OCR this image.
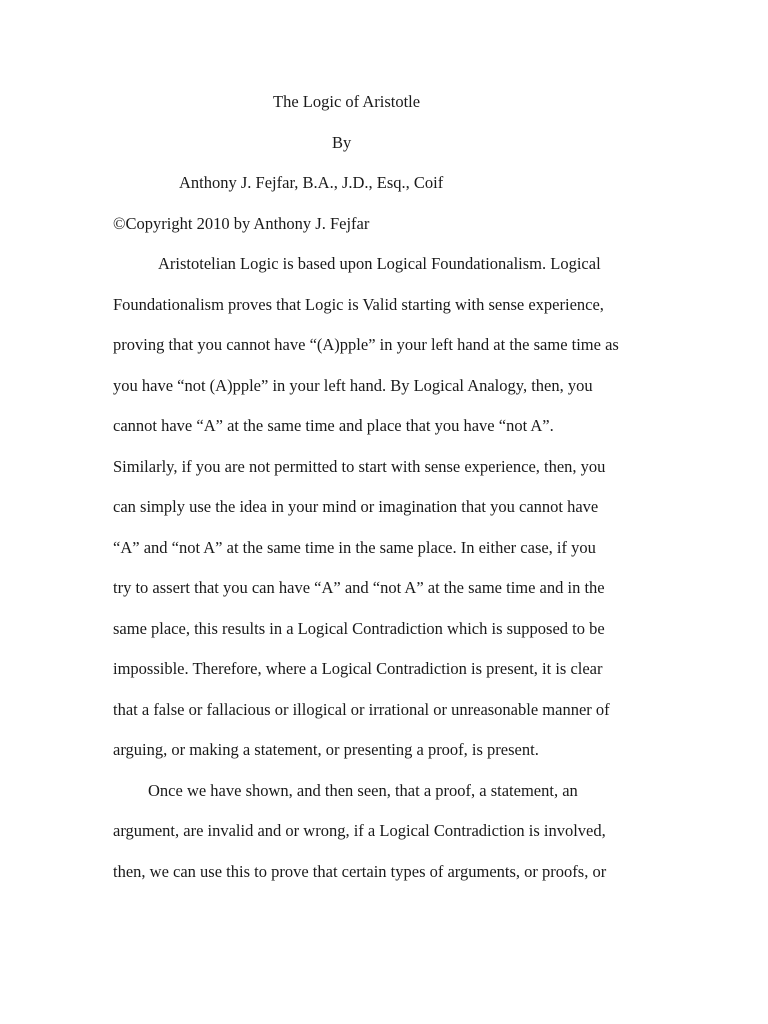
The Logic of Aristotle
By
Anthony J. Fejfar, B.A., J.D., Esq., Coif
©Copyright 2010 by Anthony J. Fejfar
Aristotelian Logic is based upon Logical Foundationalism. Logical
Foundationalism proves that Logic is Valid starting with sense experience,
proving that you cannot have “(A)pple” in your left hand at the same time as
you have “not (A)pple” in your left hand. By Logical Analogy, then, you
cannot have “A” at the same time and place that you have “not A”.
Similarly, if you are not permitted to start with sense experience, then, you
can simply use the idea in your mind or imagination that you cannot have
“A” and “not A” at the same time in the same place. In either case, if you
try to assert that you can have “A” and “not A” at the same time and in the
same place, this results in a Logical Contradiction which is supposed to be
impossible. Therefore, where a Logical Contradiction is present, it is clear
that a false or fallacious or illogical or irrational or unreasonable manner of
arguing, or making a statement, or presenting a proof, is present.
Once we have shown, and then seen, that a proof, a statement, an
argument, are invalid and or wrong, if a Logical Contradiction is involved,
then, we can use this to prove that certain types of arguments, or proofs, or
